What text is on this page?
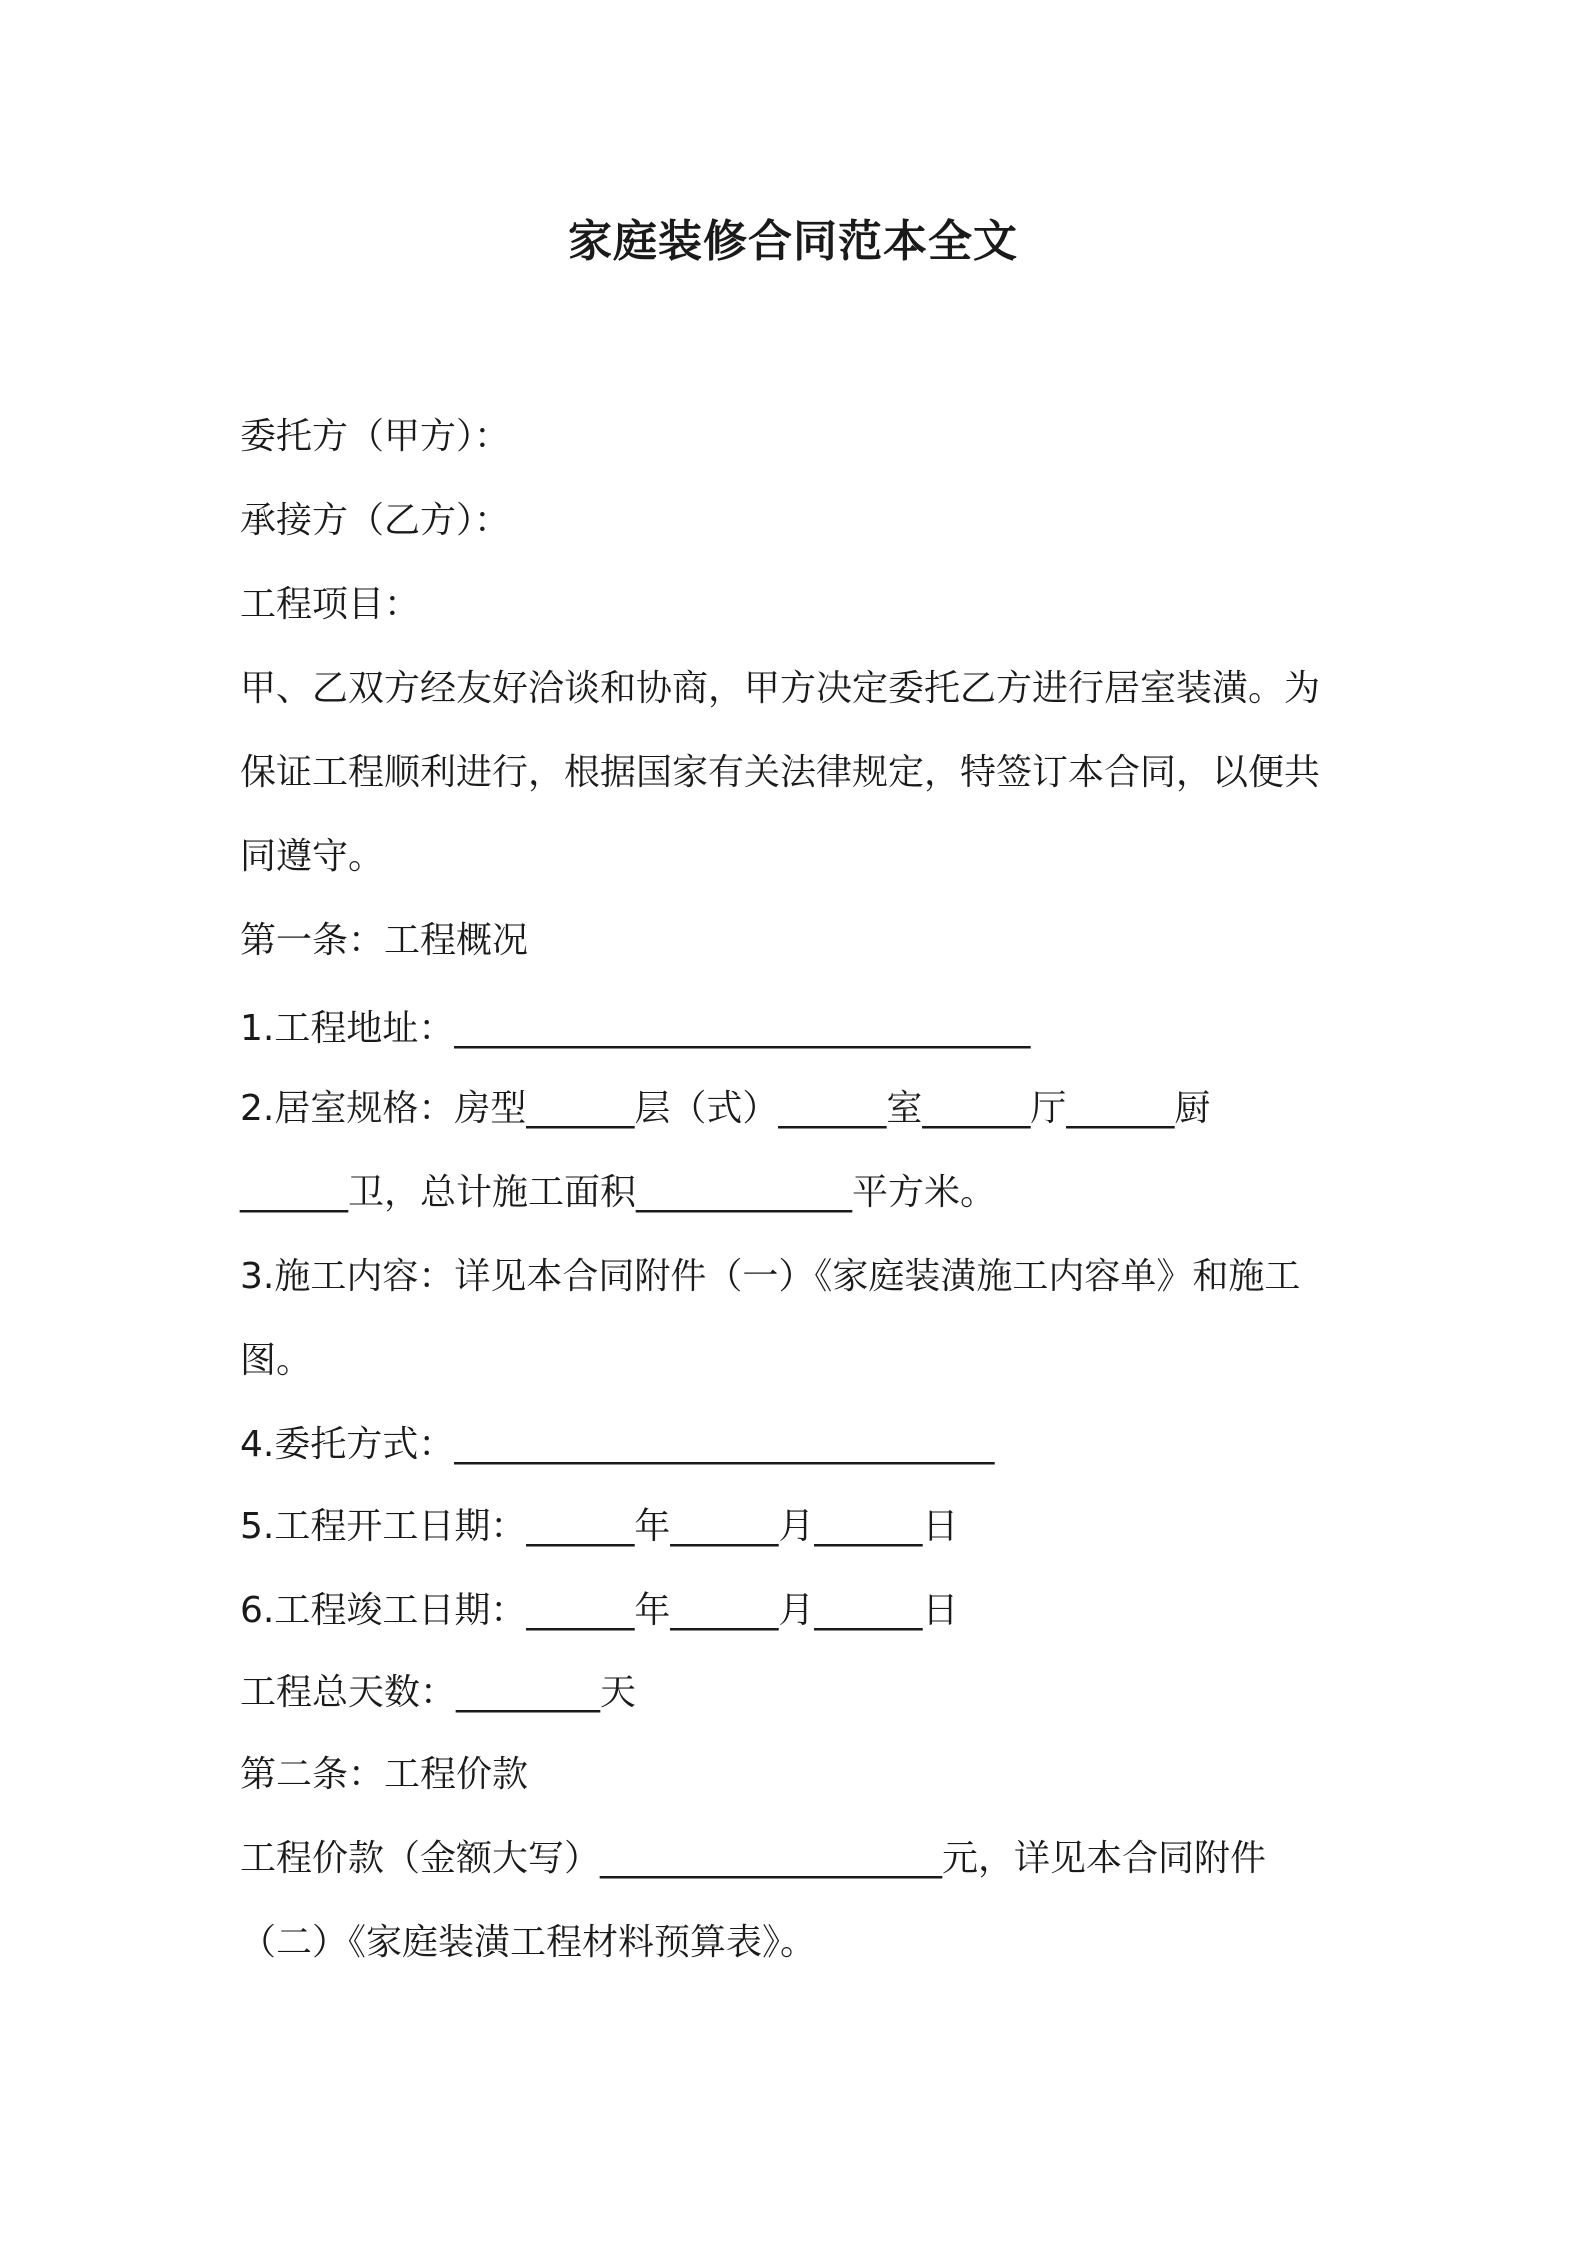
家庭装修合同范本全文
委托方（甲方）：
承接方（乙方）：
工程项目：
甲、乙双方经友好洽谈和协商，甲方决定委托乙方进行居室装潢。为
保证工程顺利进行，根据国家有关法律规定，特签订本合同，以便共
同遵守。
第一条：工程概况
1.工程地址：________________________________
2.居室规格：房型______层（式）______室______厅______厨
______卫，总计施工面积____________平方米。
3.施工内容：详见本合同附件（一）《家庭装潢施工内容单》和施工
图。
4.委托方式：______________________________
5.工程开工日期：______年______月______日
6.工程竣工日期：______年______月______日
工程总天数：________天
第二条：工程价款
工程价款（金额大写）___________________元，详见本合同附件
（二）《家庭装潢工程材料预算表》。
